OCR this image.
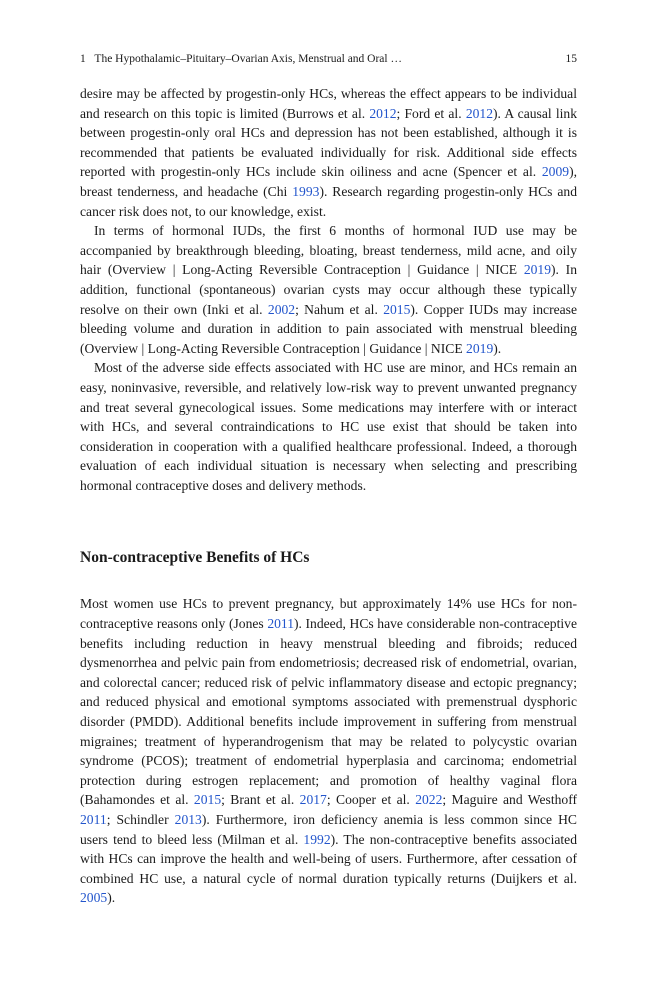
1 The Hypothalamic–Pituitary–Ovarian Axis, Menstrual and Oral …	15

desire may be affected by progestin-only HCs, whereas the effect appears to be individual and research on this topic is limited (Burrows et al. 2012; Ford et al. 2012). A causal link between progestin-only oral HCs and depression has not been established, although it is recommended that patients be evaluated individually for risk. Additional side effects reported with progestin-only HCs include skin oiliness and acne (Spencer et al. 2009), breast tenderness, and headache (Chi 1993). Research regarding progestin-only HCs and cancer risk does not, to our knowledge, exist.

In terms of hormonal IUDs, the first 6 months of hormonal IUD use may be accompanied by breakthrough bleeding, bloating, breast tenderness, mild acne, and oily hair (Overview | Long-Acting Reversible Contraception | Guidance | NICE 2019). In addition, functional (spontaneous) ovarian cysts may occur although these typically resolve on their own (Inki et al. 2002; Nahum et al. 2015). Copper IUDs may increase bleeding volume and duration in addition to pain associated with menstrual bleeding (Overview | Long-Acting Reversible Contraception | Guidance | NICE 2019).

Most of the adverse side effects associated with HC use are minor, and HCs remain an easy, noninvasive, reversible, and relatively low-risk way to prevent unwanted pregnancy and treat several gynecological issues. Some medications may interfere with or interact with HCs, and several contraindications to HC use exist that should be taken into consideration in cooperation with a qualified healthcare professional. Indeed, a thorough evaluation of each individual situation is necessary when selecting and prescribing hormonal contraceptive doses and delivery methods.

Non-contraceptive Benefits of HCs

Most women use HCs to prevent pregnancy, but approximately 14% use HCs for non-contraceptive reasons only (Jones 2011). Indeed, HCs have considerable non-contraceptive benefits including reduction in heavy menstrual bleeding and fibroids; reduced dysmenorrhea and pelvic pain from endometriosis; decreased risk of endometrial, ovarian, and colorectal cancer; reduced risk of pelvic inflammatory disease and ectopic pregnancy; and reduced physical and emotional symptoms associated with premenstrual dysphoric disorder (PMDD). Additional benefits include improvement in suffering from menstrual migraines; treatment of hyperandrogenism that may be related to polycystic ovarian syndrome (PCOS); treatment of endometrial hyperplasia and carcinoma; endometrial protection during estrogen replacement; and promotion of healthy vaginal flora (Bahamondes et al. 2015; Brant et al. 2017; Cooper et al. 2022; Maguire and Westhoff 2011; Schindler 2013). Furthermore, iron deficiency anemia is less common since HC users tend to bleed less (Milman et al. 1992). The non-contraceptive benefits associated with HCs can improve the health and well-being of users. Furthermore, after cessation of combined HC use, a natural cycle of normal duration typically returns (Duijkers et al. 2005).
